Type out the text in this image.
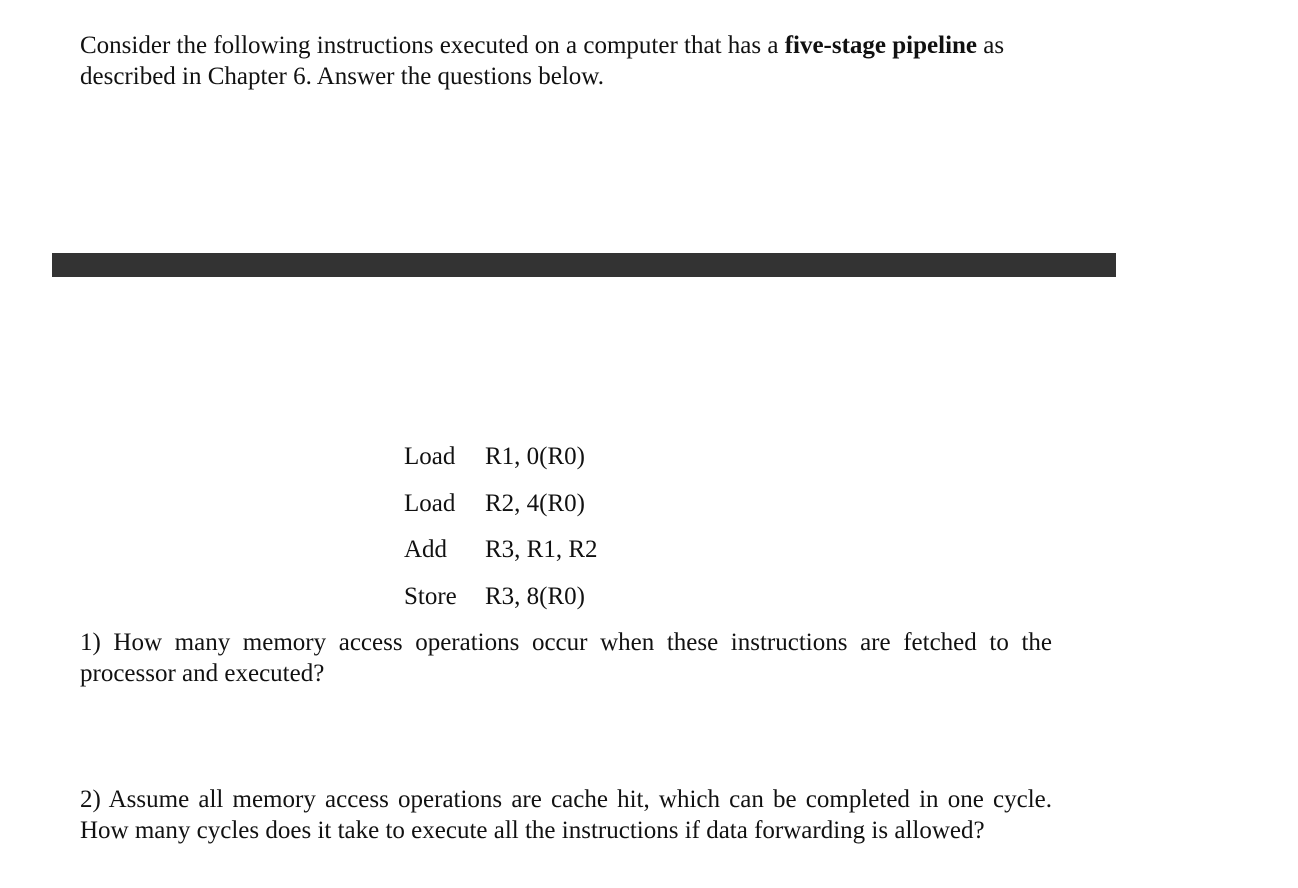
Consider the following instructions executed on a computer that has a five-stage pipeline as described in Chapter 6. Answer the questions below.

Load R1, 0(R0)
Load R2, 4(R0)
Add R3, R1, R2
Store R3, 8(R0)

1) How many memory access operations occur when these instructions are fetched to the processor and executed?

2) Assume all memory access operations are cache hit, which can be completed in one cycle. How many cycles does it take to execute all the instructions if data forwarding is allowed?
